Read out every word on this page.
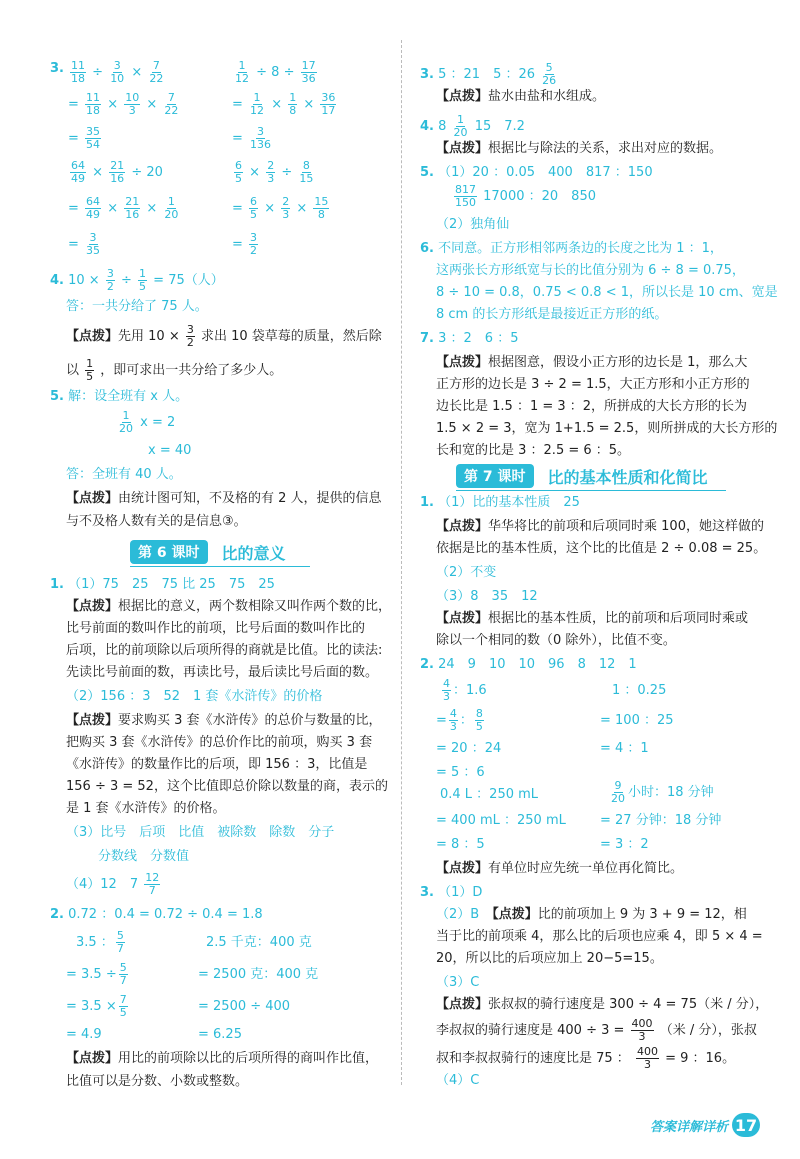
3. $\frac{11}{18} \div \frac{3}{10} \times \frac{7}{22}$
= $\frac{11}{18} \times \frac{10}{3} \times \frac{7}{22}$
= $\frac{35}{54}$
$\frac{64}{49} \times \frac{21}{16} \div 20$
= $\frac{64}{49} \times \frac{21}{16} \times \frac{1}{20}$
= $\frac{3}{35}$
$\frac{1}{12} \div 8 \div \frac{17}{36}$
= $\frac{1}{12} \times \frac{1}{8} \times \frac{36}{17}$
= $\frac{3}{136}$
$\frac{6}{5} \times \frac{2}{3} \div \frac{8}{15}$
= $\frac{6}{5} \times \frac{2}{3} \times \frac{15}{8}$
= $\frac{3}{2}$
4. $10 \times \frac{3}{2} \div \frac{1}{5} = 75$（人）
答：一共分给了 75 人。
【点拨】先用 $10 \times \frac{3}{2}$ 求出 10 袋草莓的质量，然后除
以 $\frac{1}{5}$ ，即可求出一共分给了多少人。
5. 解：设全班有 x 人。
$\frac{1}{20}$ x = 2
x = 40
答：全班有 40 人。
【点拨】由统计图可知，不及格的有 2 人，提供的信息
与不及格人数有关的是信息③。
第 6 课时	比的意义
1. （1）75　25　75 比 25　75　25
【点拨】根据比的意义，两个数相除又叫作两个数的比，
比号前面的数叫作比的前项，比号后面的数叫作比的
后项，比的前项除以后项所得的商就是比值。比的读法:
先读比号前面的数，再读比号，最后读比号后面的数。
（2）156 ：3　52　1 套《水浒传》的价格
【点拨】要求购买 3 套《水浒传》的总价与数量的比，
把购买 3 套《水浒传》的总价作比的前项，购买 3 套
《水浒传》的数量作比的后项，即 156 ：3，比值是
156 ÷ 3 = 52，这个比值即总价除以数量的商，表示的
是 1 套《水浒传》的价格。
（3）比号　后项　比值　被除数　除数　分子
分数线　分数值
（4）12　$7 \frac{12}{7}$
2. 0.72 ：0.4 = 0.72 ÷ 0.4 = 1.8
3.5 ： $\frac{5}{7}$	2.5 千克：400 克
= $3.5 \div \frac{5}{7}$	= 2500 克：400 克
= $3.5 \times \frac{7}{5}$	= 2500 ÷ 400
= 4.9	= 6.25
【点拨】用比的前项除以比的后项所得的商叫作比值，
比值可以是分数、小数或整数。
3. 5 ：21　5 ：$26 \frac{5}{26}$
【点拨】盐水由盐和水组成。
4. $8 \frac{1}{20} 15$　7.2
【点拨】根据比与除法的关系，求出对应的数据。
5. （1）20 ：0.05　400　817 ：150
$\frac{817}{150} 17000$ ：20　850
（2）独角仙
6. 不同意。正方形相邻两条边的长度之比为 1 ：1，
这两张长方形纸宽与长的比值分别为 6 ÷ 8 = 0.75，
8 ÷ 10 = 0.8，0.75 < 0.8 < 1，所以长是 10 cm、宽是
8 cm 的长方形纸是最接近正方形的纸。
7. 3 ：2　6 ：5
【点拨】根据图意，假设小正方形的边长是 1，那么大
正方形的边长是 3 ÷ 2 = 1.5，大正方形和小正方形的
边长比是 1.5 ：1 = 3 ：2，所拼成的大长方形的长为
1.5 × 2 = 3，宽为 1+1.5 = 2.5，则所拼成的大长方形的
长和宽的比是 3 ：2.5 = 6 ：5。
第 7 课时	比的基本性质和化简比
1. （1）比的基本性质　25
【点拨】华华将比的前项和后项同时乘 100，她这样做的
依据是比的基本性质，这个比的比值是 2 ÷ 0.08 = 25。
（2）不变
（3）8　35　12
【点拨】根据比的基本性质，比的前项和后项同时乘或
除以一个相同的数（0 除外），比值不变。
2. 24　9　10　10　96　8　12　1
$\frac{4}{3}$ ：1.6	1 ：0.25
= $\frac{4}{3}$ ： $\frac{8}{5}$	= 100 ：25
= 20 ：24	= 4 ：1
= 5 ：6
0.4 L ：250 mL	$\frac{9}{20}$ 小时：18 分钟
= 400 mL ：250 mL	= 27 分钟：18 分钟
= 8 ：5	= 3 ：2
【点拨】有单位时应先统一单位再化简比。
3. （1）D
（2）B　 【点拨】比的前项加上 9 为 3 + 9 = 12，相
当于比的前项乘 4，那么比的后项也应乘 4，即 5 × 4 =
20，所以比的后项应加上 20−5=15。
（3）C
【点拨】张叔叔的骑行速度是 300 ÷ 4 = 75（米 / 分），
李叔叔的骑行速度是 $400 \div 3 = \frac{400}{3}$ （米 / 分），张叔
叔和李叔叔骑行的速度比是 75 ： $\frac{400}{3} = 9$ ：16。
（4）C
答案详解详析 17
